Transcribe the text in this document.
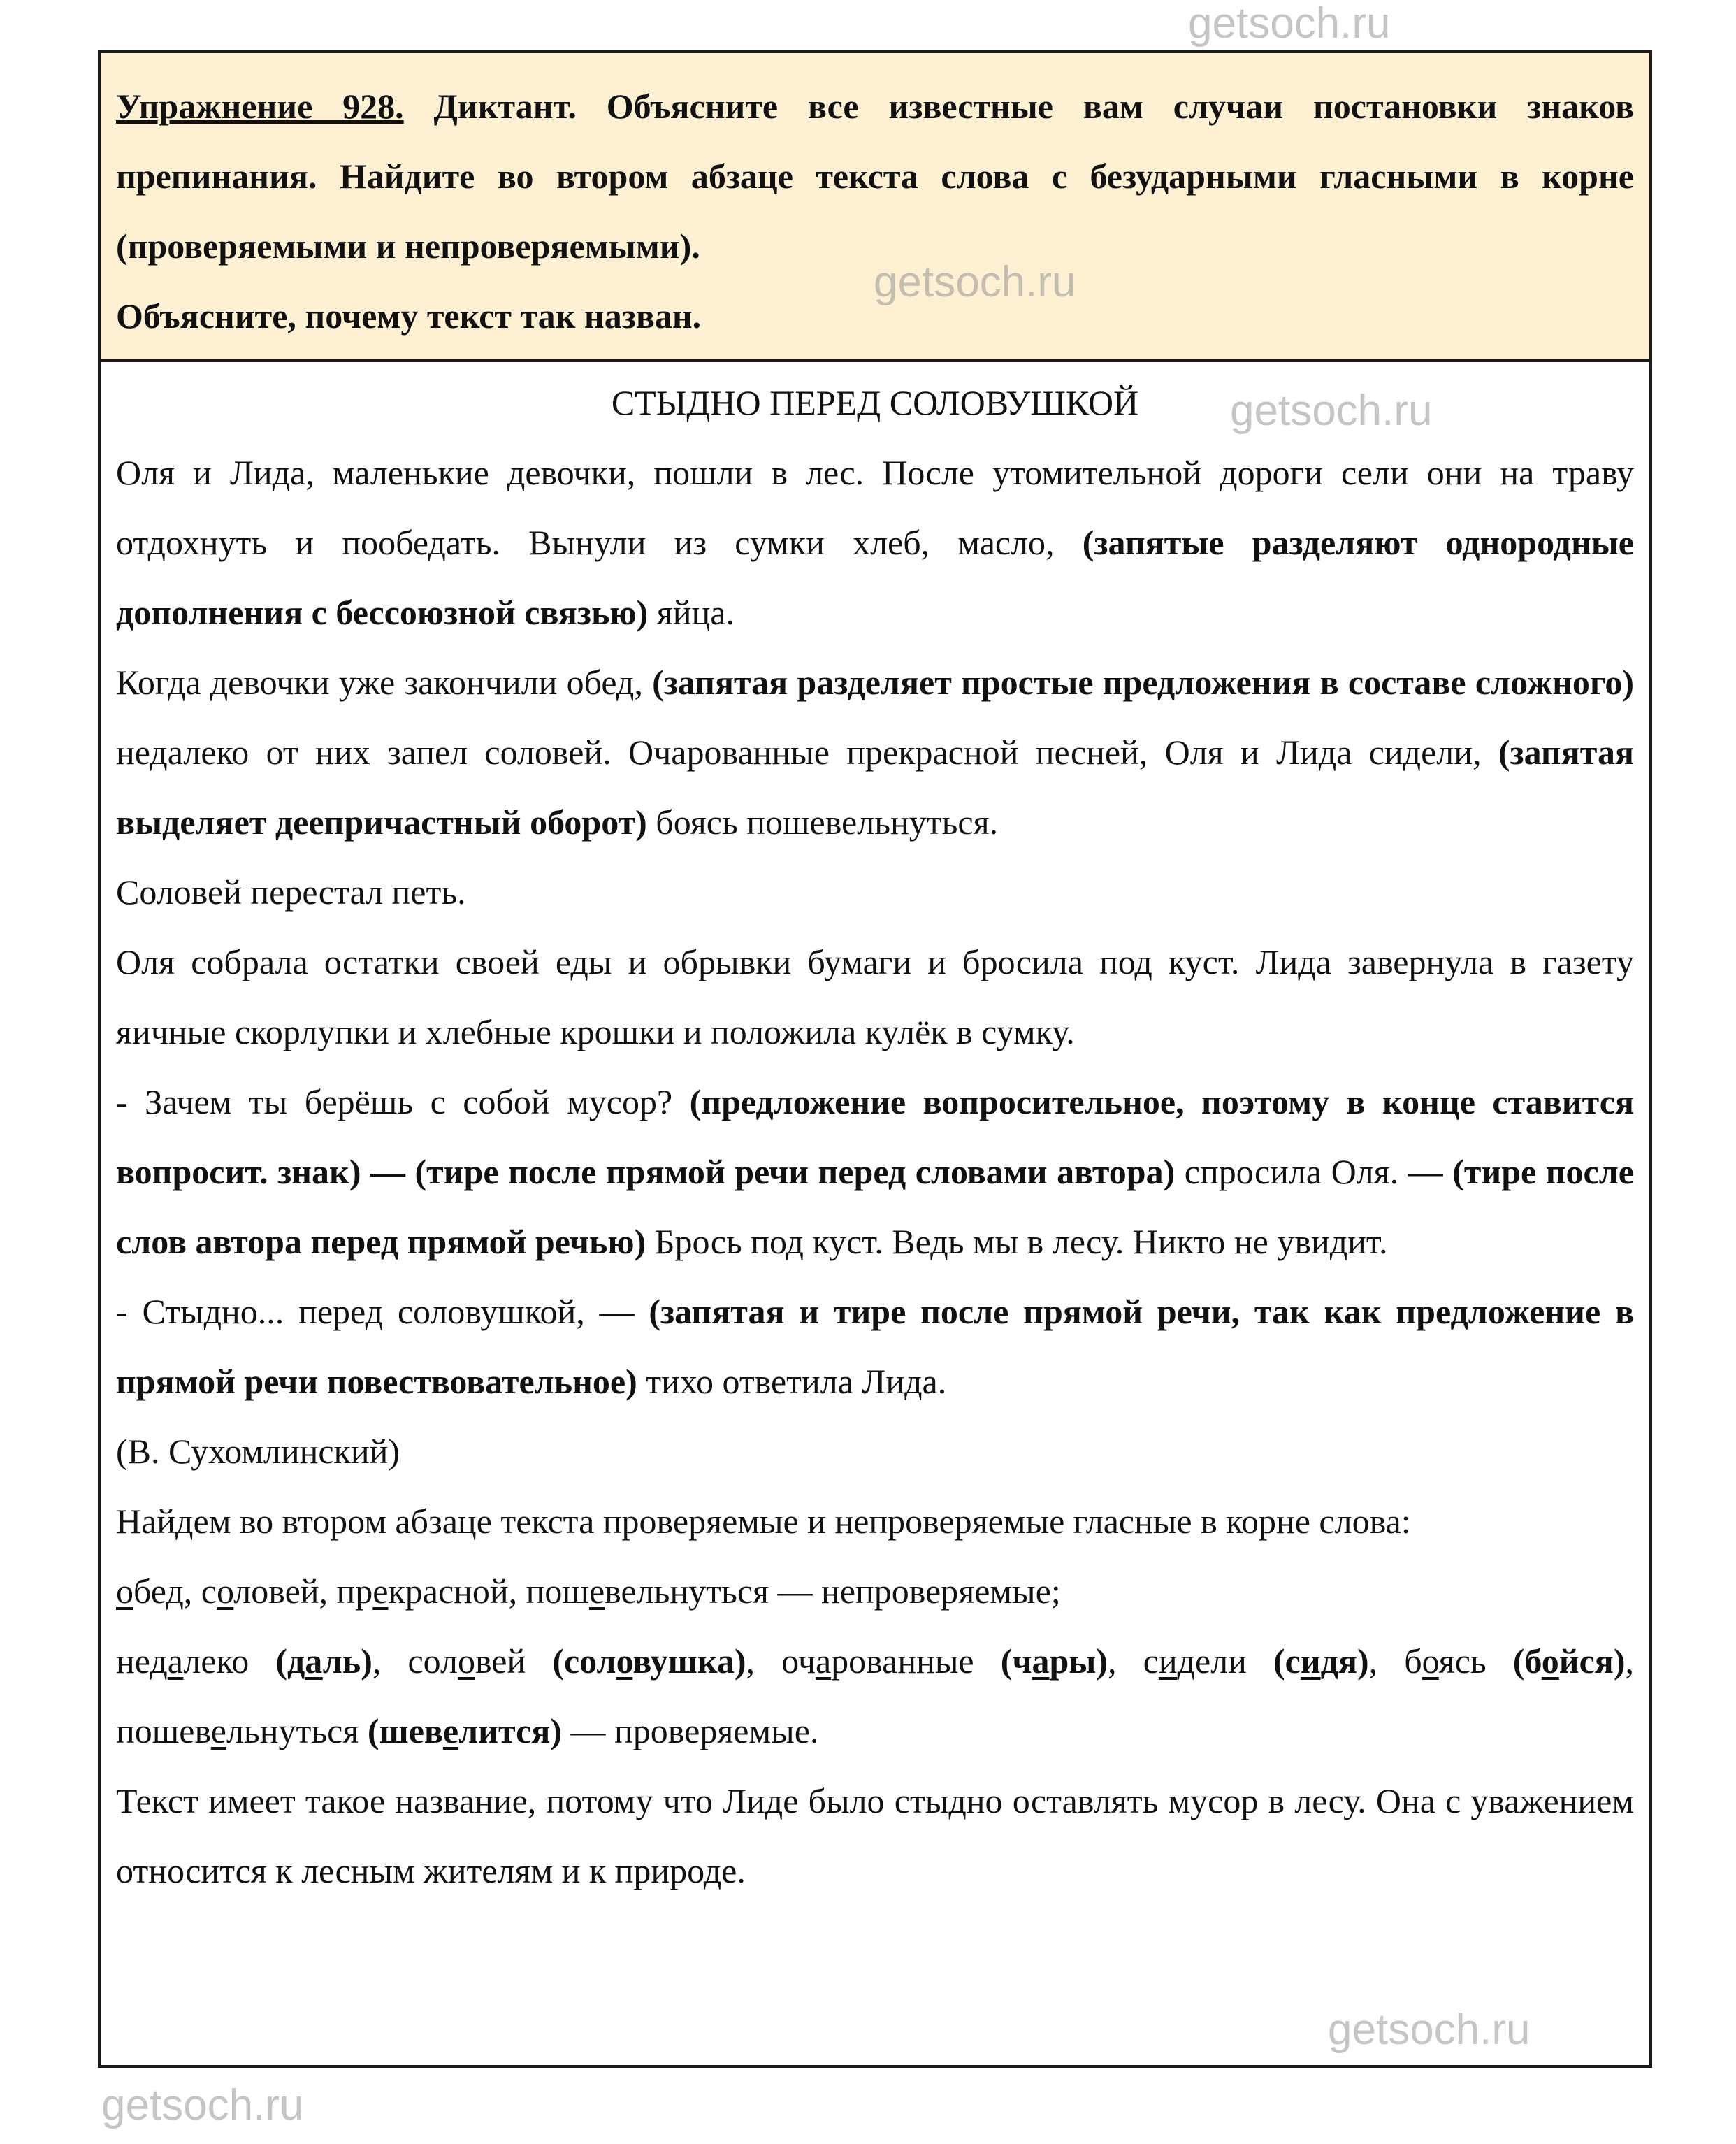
Упражнение 928. Диктант. Объясните все известные вам случаи постановки знаков препинания. Найдите во втором абзаце текста слова с безударными гласными в корне (проверяемыми и непроверяемыми).

Объясните, почему текст так назван.

СТЫДНО ПЕРЕД СОЛОВУШКОЙ

Оля и Лида, маленькие девочки, пошли в лес. После утомительной дороги сели они на траву отдохнуть и пообедать. Вынули из сумки хлеб, масло, (запятые разделяют однородные дополнения с бессоюзной связью) яйца.

Когда девочки уже закончили обед, (запятая разделяет простые предложения в составе сложного) недалеко от них запел соловей. Очарованные прекрасной песней, Оля и Лида сидели, (запятая выделяет деепричастный оборот) боясь пошевельнуться.

Соловей перестал петь.

Оля собрала остатки своей еды и обрывки бумаги и бросила под куст. Лида завернула в газету яичные скорлупки и хлебные крошки и положила кулёк в сумку.

- Зачем ты берёшь с собой мусор? (предложение вопросительное, поэтому в конце ставится вопросит. знак) — (тире после прямой речи перед словами автора) спросила Оля. — (тире после слов автора перед прямой речью) Брось под куст. Ведь мы в лесу. Никто не увидит.

- Стыдно... перед соловушкой, — (запятая и тире после прямой речи, так как предложение в прямой речи повествовательное) тихо ответила Лида.

(В. Сухомлинский)

Найдем во втором абзаце текста проверяемые и непроверяемые гласные в корне слова:

обед, соловей, прекрасной, пошевельнуться — непроверяемые;

недалеко (даль), соловей (соловушка), очарованные (чары), сидели (сидя), боясь (бойся), пошевельнуться (шевелится) — проверяемые.

Текст имеет такое название, потому что Лиде было стыдно оставлять мусор в лесу. Она с уважением относится к лесным жителям и к природе.

getsoch.ru
getsoch.ru
getsoch.ru
getsoch.ru
getsoch.ru
